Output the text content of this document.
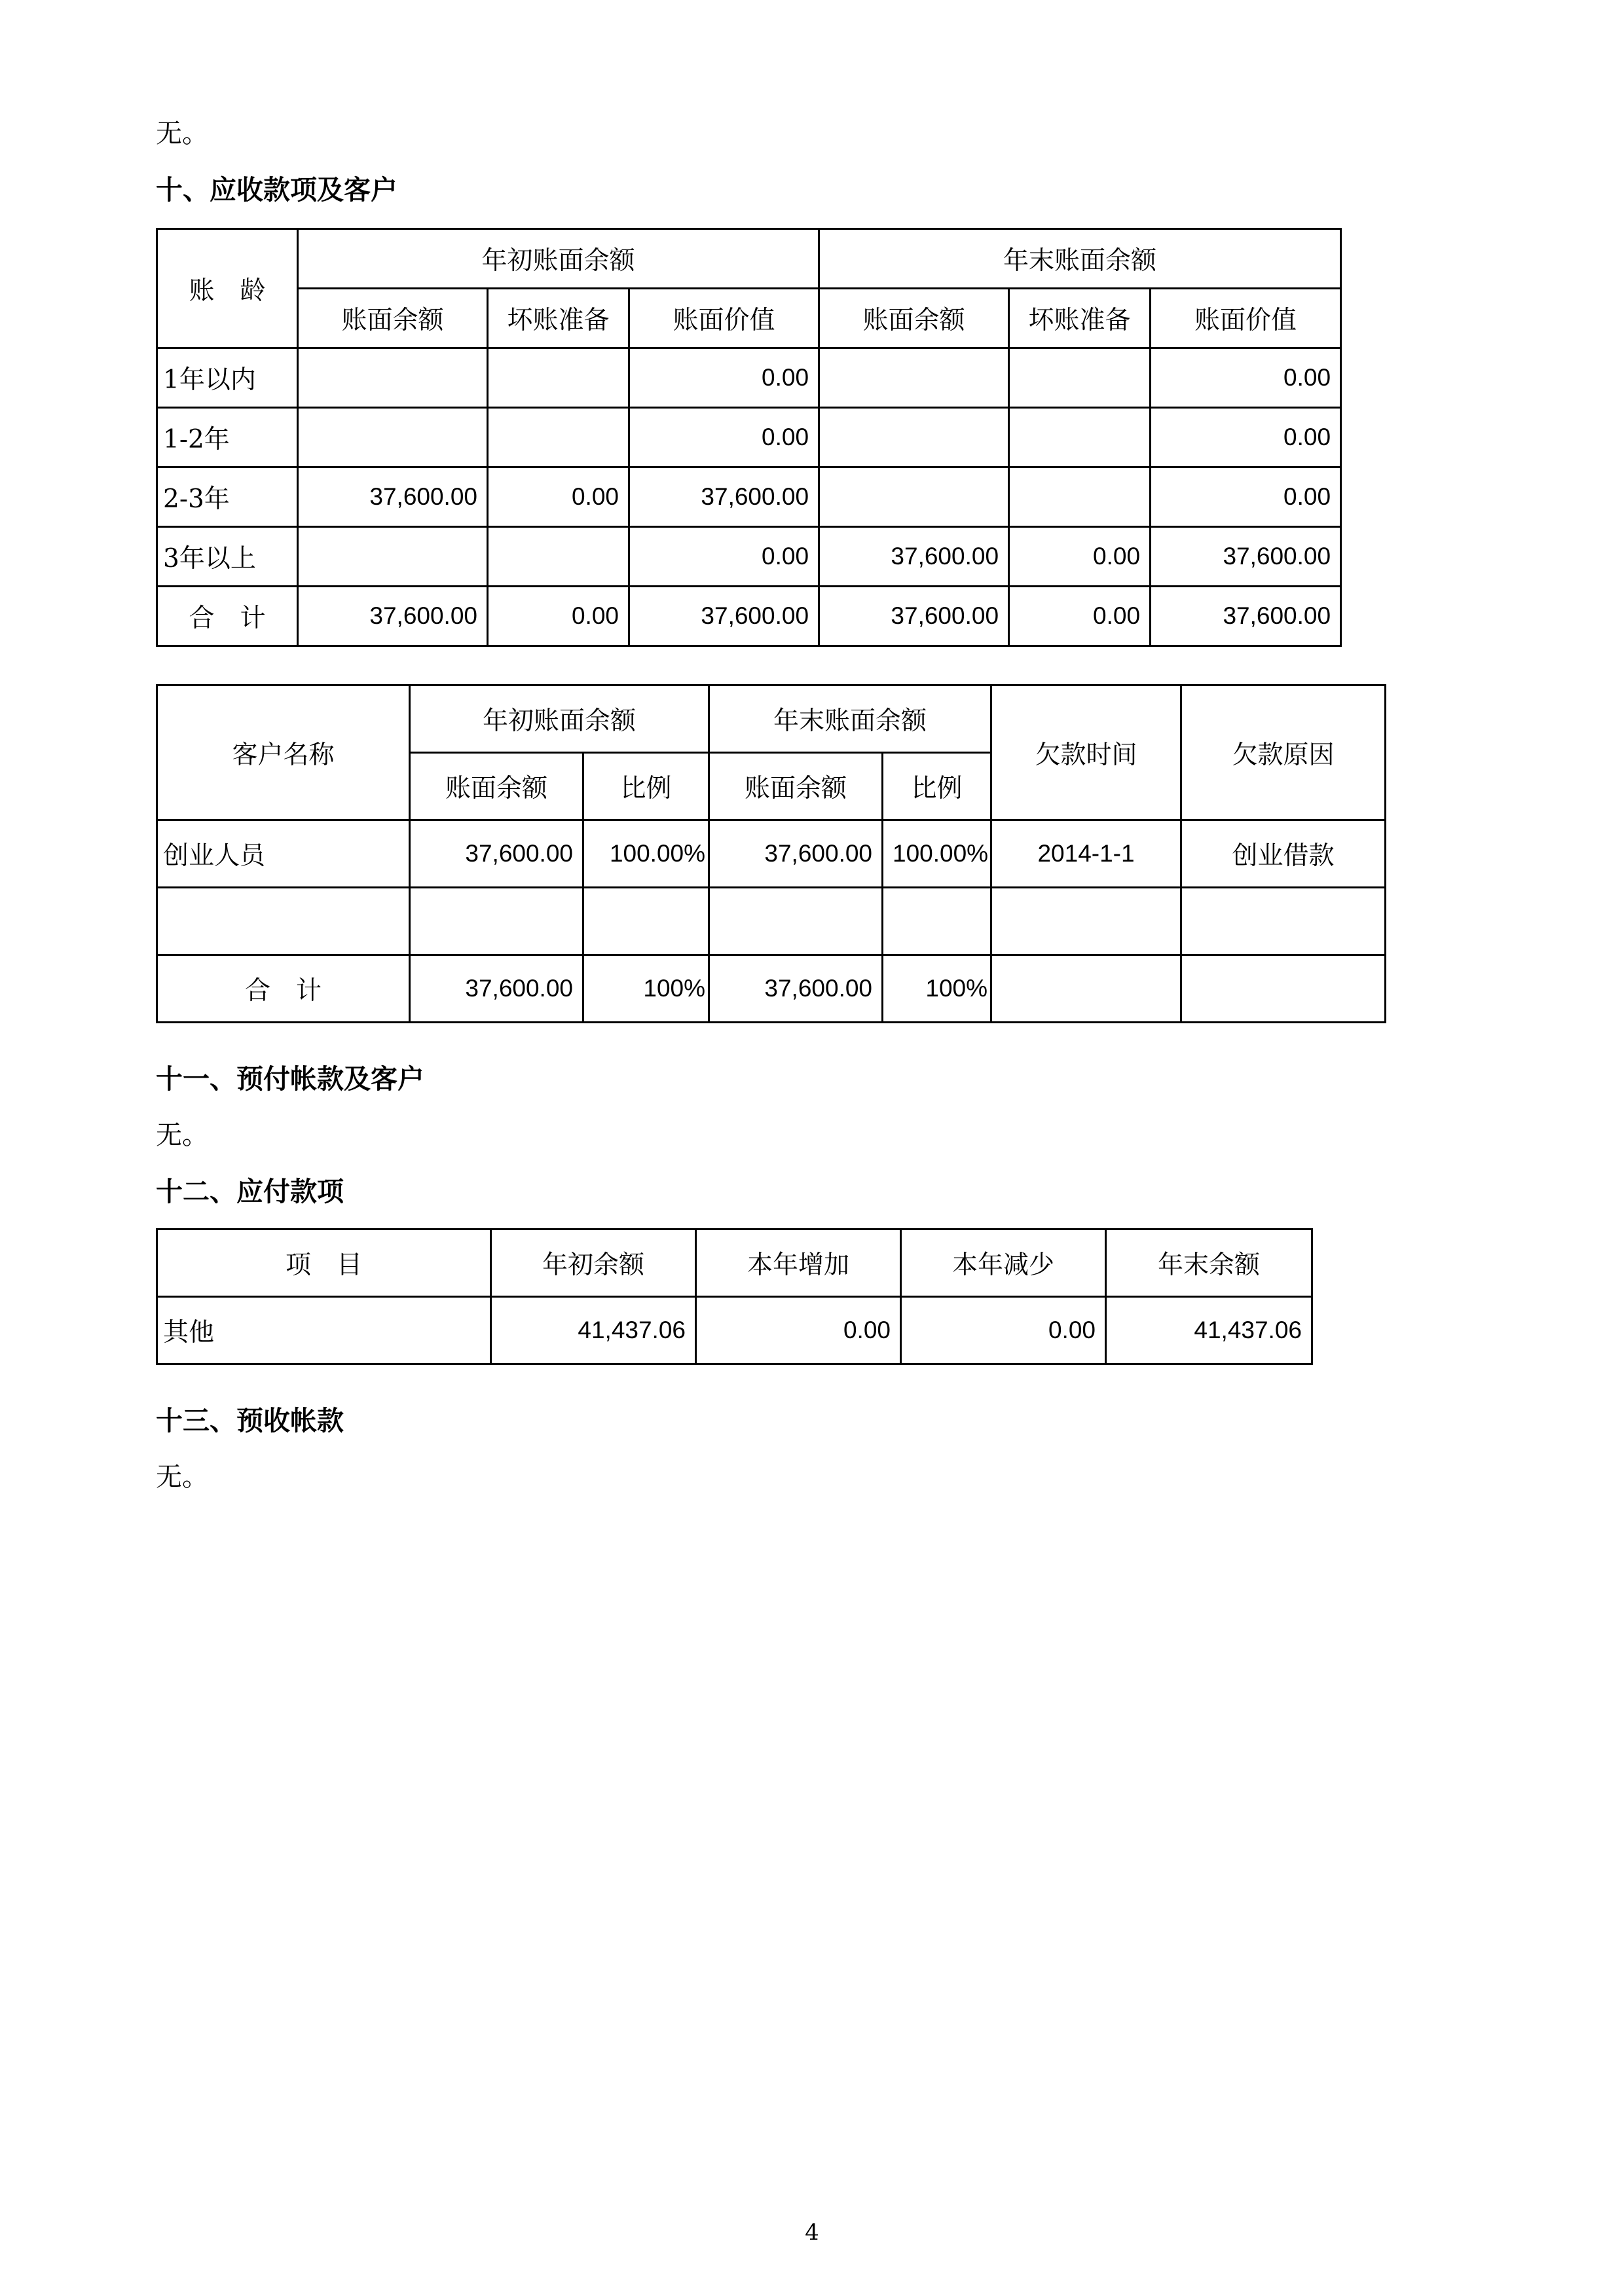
无。
十、应收款项及客户
账　龄	年初账面余额			年末账面余额		
	账面余额	坏账准备	账面价值	账面余额	坏账准备	账面价值
1年以内			0.00			0.00
1-2年			0.00			0.00
2-3年	37,600.00	0.00	37,600.00			0.00
3年以上			0.00	37,600.00	0.00	37,600.00
合　计	37,600.00	0.00	37,600.00	37,600.00	0.00	37,600.00
客户名称	年初账面余额		年末账面余额		欠款时间	欠款原因
	账面余额	比例	账面余额	比例		
创业人员	37,600.00	100.00%	37,600.00	100.00%	2014-1-1	创业借款

合　计	37,600.00	100%	37,600.00	100%		
十一、预付帐款及客户
无。
十二、应付款项
项　目	年初余额	本年增加	本年减少	年末余额
其他	41,437.06	0.00	0.00	41,437.06
十三、预收帐款
无。
4
